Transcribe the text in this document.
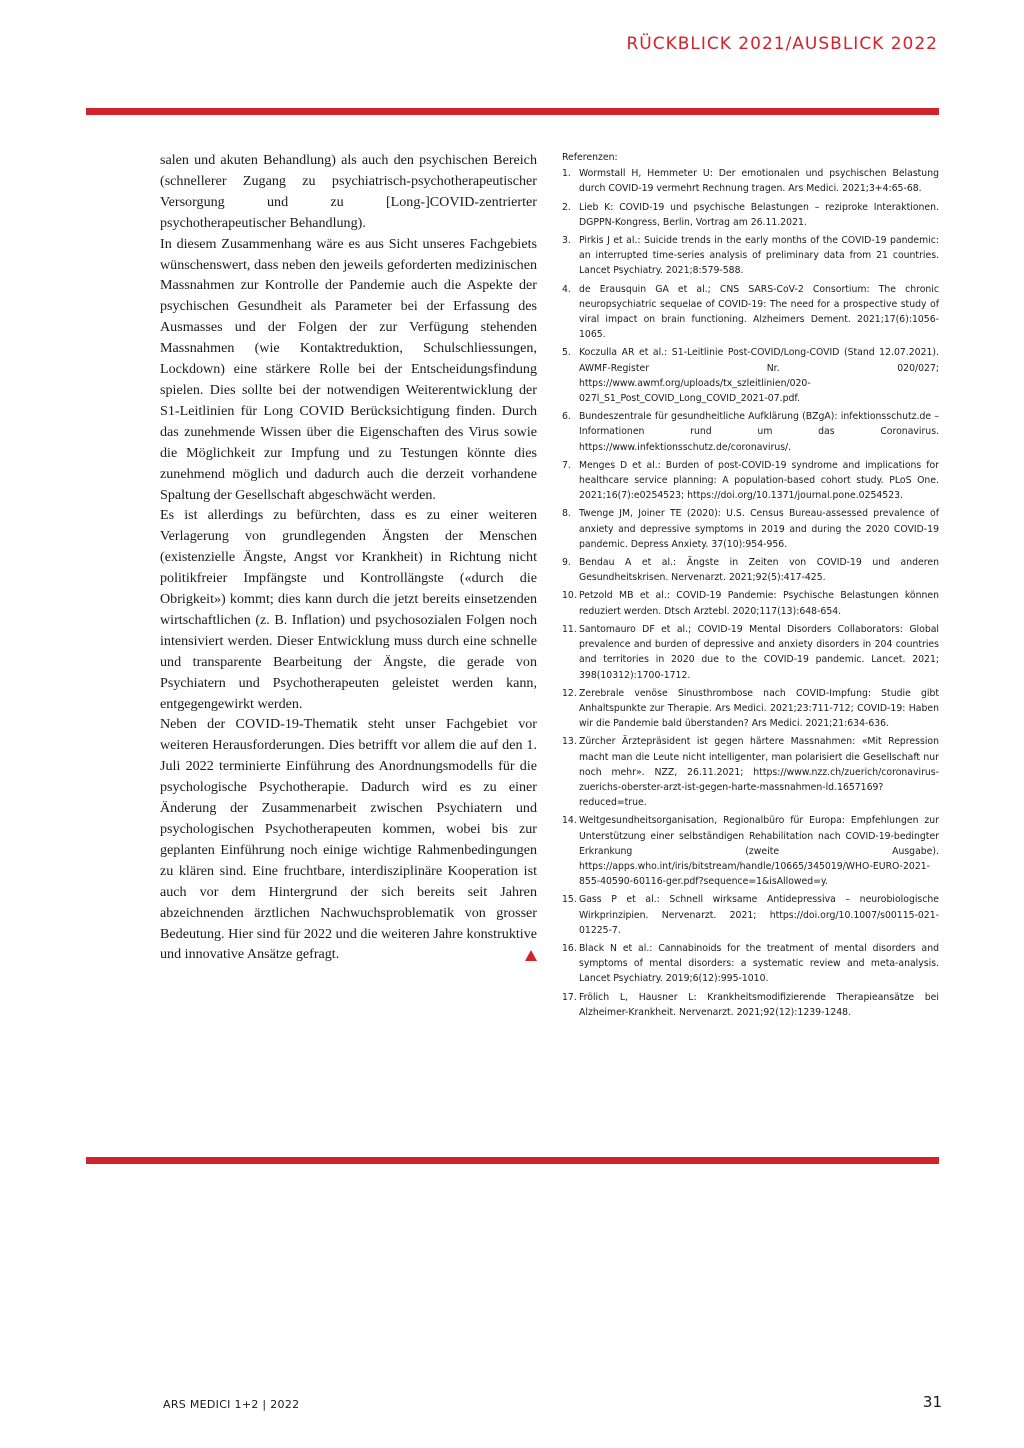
RÜCKBLICK 2021/AUSBLICK 2022

salen und akuten Behandlung) als auch den psychischen Bereich (schnellerer Zugang zu psychiatrisch-psychotherapeutischer Versorgung und zu [Long-]COVID-zentrierter psychotherapeutischer Behandlung).

In diesem Zusammenhang wäre es aus Sicht unseres Fachgebiets wünschenswert, dass neben den jeweils geforderten medizinischen Massnahmen zur Kontrolle der Pandemie auch die Aspekte der psychischen Gesundheit als Parameter bei der Erfassung des Ausmasses und der Folgen der zur Verfügung stehenden Massnahmen (wie Kontaktreduktion, Schulschliessungen, Lockdown) eine stärkere Rolle bei der Entscheidungsfindung spielen. Dies sollte bei der notwendigen Weiterentwicklung der S1-Leitlinien für Long COVID Berücksichtigung finden. Durch das zunehmende Wissen über die Eigenschaften des Virus sowie die Möglichkeit zur Impfung und zu Testungen könnte dies zunehmend möglich und dadurch auch die derzeit vorhandene Spaltung der Gesellschaft abgeschwächt werden.

Es ist allerdings zu befürchten, dass es zu einer weiteren Verlagerung von grundlegenden Ängsten der Menschen (existenzielle Ängste, Angst vor Krankheit) in Richtung nicht politikfreier Impfängste und Kontrollängste («durch die Obrigkeit») kommt; dies kann durch die jetzt bereits einsetzenden wirtschaftlichen (z. B. Inflation) und psychosozialen Folgen noch intensiviert werden. Dieser Entwicklung muss durch eine schnelle und transparente Bearbeitung der Ängste, die gerade von Psychiatern und Psychotherapeuten geleistet werden kann, entgegengewirkt werden.

Neben der COVID-19-Thematik steht unser Fachgebiet vor weiteren Herausforderungen. Dies betrifft vor allem die auf den 1. Juli 2022 terminierte Einführung des Anordnungsmodells für die psychologische Psychotherapie. Dadurch wird es zu einer Änderung der Zusammenarbeit zwischen Psychiatern und psychologischen Psychotherapeuten kommen, wobei bis zur geplanten Einführung noch einige wichtige Rahmenbedingungen zu klären sind. Eine fruchtbare, interdisziplinäre Kooperation ist auch vor dem Hintergrund der sich bereits seit Jahren abzeichnenden ärztlichen Nachwuchsproblematik von grosser Bedeutung. Hier sind für 2022 und die weiteren Jahre konstruktive und innovative Ansätze gefragt.

Referenzen:
1. Wormstall H, Hemmeter U: Der emotionalen und psychischen Belastung durch COVID-19 vermehrt Rechnung tragen. Ars Medici. 2021;3+4:65-68.
2. Lieb K: COVID-19 und psychische Belastungen – reziproke Interaktionen. DGPPN-Kongress, Berlin, Vortrag am 26.11.2021.
3. Pirkis J et al.: Suicide trends in the early months of the COVID-19 pandemic: an interrupted time-series analysis of preliminary data from 21 countries. Lancet Psychiatry. 2021;8:579-588.
4. de Erausquin GA et al.; CNS SARS-CoV-2 Consortium: The chronic neuropsychiatric sequelae of COVID-19: The need for a prospective study of viral impact on brain functioning. Alzheimers Dement. 2021;17(6):1056-1065.
5. Koczulla AR et al.: S1-Leitlinie Post-COVID/Long-COVID (Stand 12.07.2021). AWMF-Register Nr. 020/027; https://www.awmf.org/uploads/tx_szleitlinien/020-027l_S1_Post_COVID_Long_COVID_2021-07.pdf.
6. Bundeszentrale für gesundheitliche Aufklärung (BZgA): infektionsschutz.de – Informationen rund um das Coronavirus. https://www.infektionsschutz.de/coronavirus/.
7. Menges D et al.: Burden of post-COVID-19 syndrome and implications for healthcare service planning: A population-based cohort study. PLoS One. 2021;16(7):e0254523; https://doi.org/10.1371/journal.pone.0254523.
8. Twenge JM, Joiner TE (2020): U.S. Census Bureau-assessed prevalence of anxiety and depressive symptoms in 2019 and during the 2020 COVID-19 pandemic. Depress Anxiety. 37(10):954-956.
9. Bendau A et al.: Ängste in Zeiten von COVID-19 und anderen Gesundheitskrisen. Nervenarzt. 2021;92(5):417-425.
10. Petzold MB et al.: COVID-19 Pandemie: Psychische Belastungen können reduziert werden. Dtsch Arztebl. 2020;117(13):648-654.
11. Santomauro DF et al.; COVID-19 Mental Disorders Collaborators: Global prevalence and burden of depressive and anxiety disorders in 204 countries and territories in 2020 due to the COVID-19 pandemic. Lancet. 2021; 398(10312):1700-1712.
12. Zerebrale venöse Sinusthrombose nach COVID-Impfung: Studie gibt Anhaltspunkte zur Therapie. Ars Medici. 2021;23:711-712; COVID-19: Haben wir die Pandemie bald überstanden? Ars Medici. 2021;21:634-636.
13. Zürcher Ärztepräsident ist gegen härtere Massnahmen: «Mit Repression macht man die Leute nicht intelligenter, man polarisiert die Gesellschaft nur noch mehr». NZZ, 26.11.2021; https://www.nzz.ch/zuerich/coronavirus-zuerichs-oberster-arzt-ist-gegen-harte-massnahmen-ld.1657169?reduced=true.
14. Weltgesundheitsorganisation, Regionalbüro für Europa: Empfehlungen zur Unterstützung einer selbständigen Rehabilitation nach COVID-19-bedingter Erkrankung (zweite Ausgabe). https://apps.who.int/iris/bitstream/handle/10665/345019/WHO-EURO-2021-855-40590-60116-ger.pdf?sequence=1&isAllowed=y.
15. Gass P et al.: Schnell wirksame Antidepressiva – neurobiologische Wirkprinzipien. Nervenarzt. 2021; https://doi.org/10.1007/s00115-021-01225-7.
16. Black N et al.: Cannabinoids for the treatment of mental disorders and symptoms of mental disorders: a systematic review and meta-analysis. Lancet Psychiatry. 2019;6(12):995-1010.
17. Frölich L, Hausner L: Krankheitsmodifizierende Therapieansätze bei Alzheimer-Krankheit. Nervenarzt. 2021;92(12):1239-1248.
ARS MEDICI 1+2 | 2022	31
